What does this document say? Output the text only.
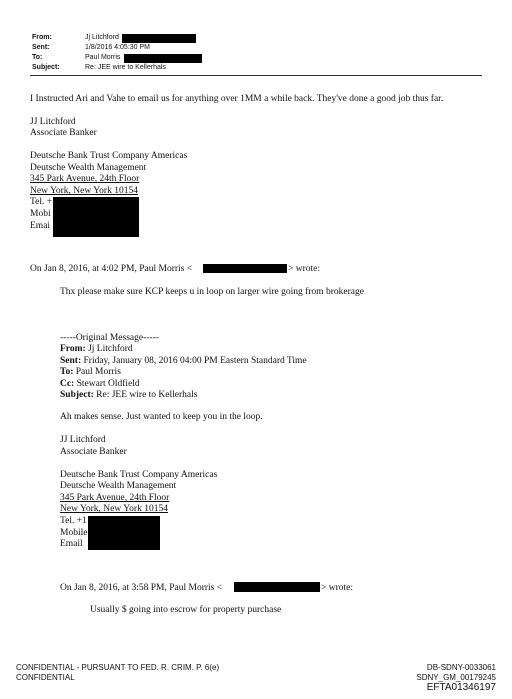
From:	Jj Litchford
Sent:	1/8/2016 4:05:30 PM
To:	Paul Morris
Subject:	Re: JEE wire to Kellerhals
I Instructed Ari and Vahe to email us for anything over 1MM a while back. They've done a good job thus far.
JJ Litchford
Associate Banker
Deutsche Bank Trust Company Americas
Deutsche Wealth Management
345 Park Avenue, 24th Floor
New York, New York 10154
Tel. +
Mobi
Emai
On Jan 8, 2016, at 4:02 PM, Paul Morris <	> wrote:
Thx please make sure KCP keeps u in loop on larger wire going from brokerage
-----Original Message-----
From: Jj Litchford
Sent: Friday, January 08, 2016 04:00 PM Eastern Standard Time
To: Paul Morris
Cc: Stewart Oldfield
Subject: Re: JEE wire to Kellerhals
Ah makes sense. Just wanted to keep you in the loop.
JJ Litchford
Associate Banker
Deutsche Bank Trust Company Americas
Deutsche Wealth Management
345 Park Avenue, 24th Floor
New York, New York 10154
Tel. +1
Mobile
Email
On Jan 8, 2016, at 3:58 PM, Paul Morris <	> wrote:
Usually $ going into escrow for property purchase
CONFIDENTIAL - PURSUANT TO FED. R. CRIM. P. 6(e)
CONFIDENTIAL
DB-SDNY-0033061
SDNY_GM_00179245
EFTA01346197
